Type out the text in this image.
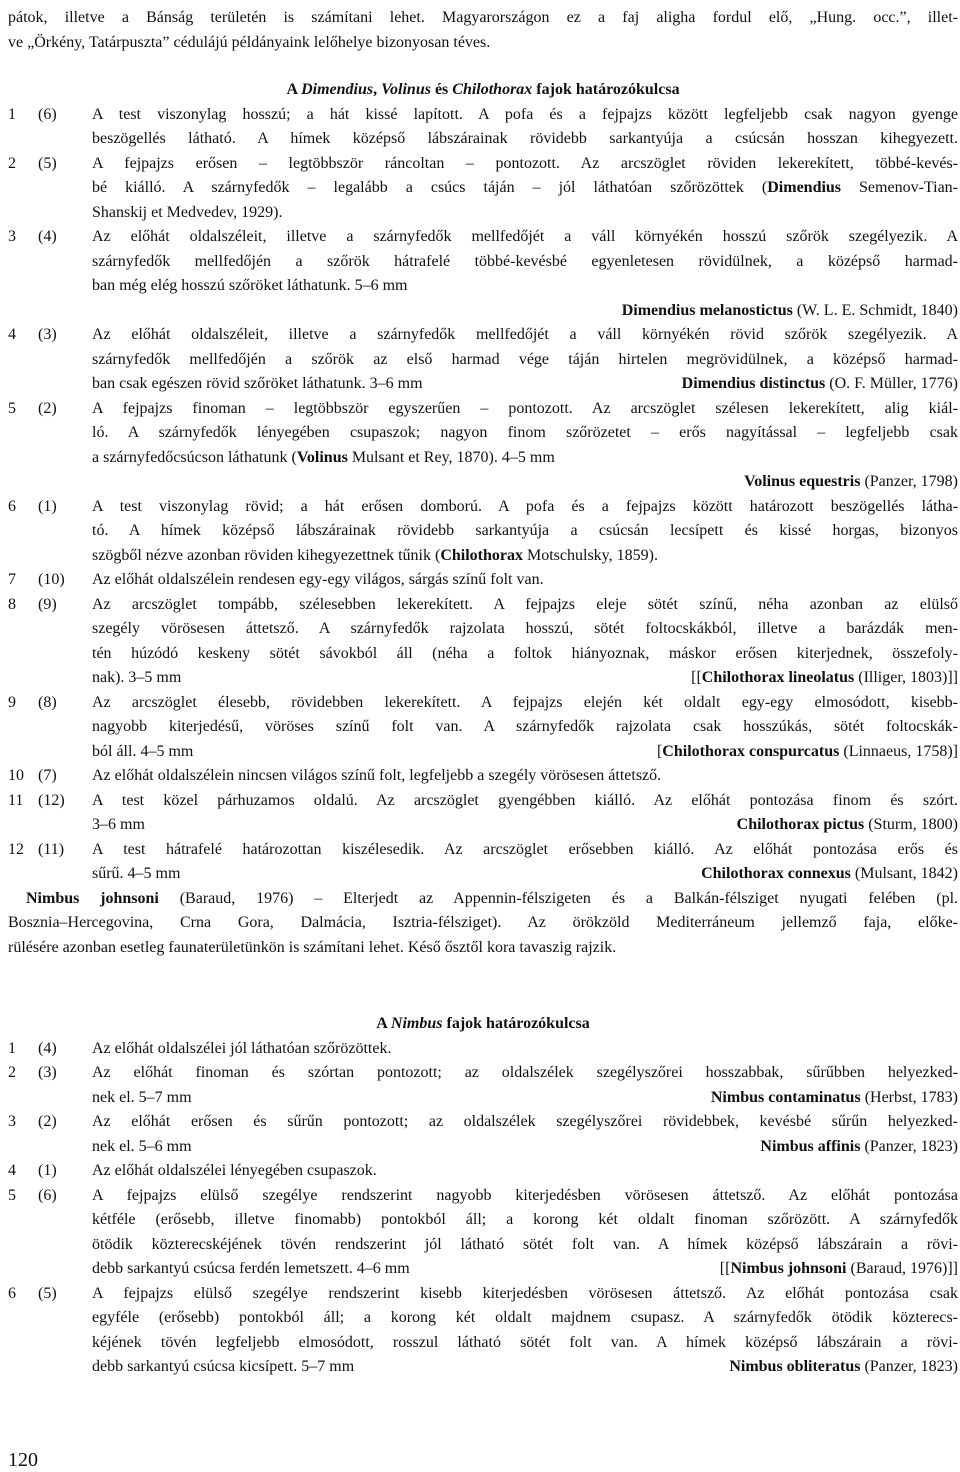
pátok, illetve a Bánság területén is számítani lehet. Magyarországon ez a faj aligha fordul elő, „Hung. occ.”, illet-
ve „Örkény, Tatárpuszta” cédulájú példányaink lelőhelye bizonyosan téves.
A Dimendius, Volinus és Chilothorax fajok határozókulcsa
1	(6)	A test viszonylag hosszú; a hát kissé lapított. A pofa és a fejpajzs között legfeljebb csak nagyon gyenge
beszögellés látható. A hímek középső lábszárainak rövidebb sarkantyúja a csúcsán hosszan kihegyezett.
2	(5)	A fejpajzs erősen – legtöbbször ráncoltan – pontozott. Az arcszöglet röviden lekerekített, többé-kevés-
bé kiálló. A szárnyfedők – legalább a csúcs táján – jól láthatóan szőrözöttek (Dimendius Semenov-Tian-
Shanskij et Medvedev, 1929).
3	(4)	Az előhát oldalszéleit, illetve a szárnyfedők mellfedőjét a váll környékén hosszú szőrök szegélyezik. A
szárnyfedők mellfedőjén a szőrök hátrafelé többé-kevésbé egyenletesen rövidülnek, a középső harmad-
ban még elég hosszú szőröket láthatunk. 5–6 mm
Dimendius melanostictus (W. L. E. Schmidt, 1840)
4	(3)	Az előhát oldalszéleit, illetve a szárnyfedők mellfedőjét a váll környékén rövid szőrök szegélyezik. A
szárnyfedők mellfedőjén a szőrök az első harmad vége táján hirtelen megrövidülnek, a középső harmad-
ban csak egészen rövid szőröket láthatunk. 3–6 mm	Dimendius distinctus (O. F. Müller, 1776)
5	(2)	A fejpajzs finoman – legtöbbször egyszerűen – pontozott. Az arcszöglet szélesen lekerekített, alig kiál-
ló. A szárnyfedők lényegében csupaszok; nagyon finom szőrözetet – erős nagyítással – legfeljebb csak
a szárnyfedőcsúcson láthatunk (Volinus Mulsant et Rey, 1870). 4–5 mm
Volinus equestris (Panzer, 1798)
6	(1)	A test viszonylag rövid; a hát erősen domború. A pofa és a fejpajzs között határozott beszögellés látha-
tó. A hímek középső lábszárainak rövidebb sarkantyúja a csúcsán lecsípett és kissé horgas, bizonyos
szögből nézve azonban röviden kihegyezettnek tűnik (Chilothorax Motschulsky, 1859).
7	(10)	Az előhát oldalszélein rendesen egy-egy világos, sárgás színű folt van.
8	(9)	Az arcszöglet tompább, szélesebben lekerekített. A fejpajzs eleje sötét színű, néha azonban az elülső
szegély vörösesen áttetsző. A szárnyfedők rajzolata hosszú, sötét foltocskákból, illetve a barázdák men-
tén húzódó keskeny sötét sávokból áll (néha a foltok hiányoznak, máskor erősen kiterjednek, összefoly-
nak). 3–5 mm	[[Chilothorax lineolatus (Illiger, 1803)]]
9	(8)	Az arcszöglet élesebb, rövidebben lekerekített. A fejpajzs elején két oldalt egy-egy elmosódott, kisebb-
nagyobb kiterjedésű, vöröses színű folt van. A szárnyfedők rajzolata csak hosszúkás, sötét foltocskák-
ból áll. 4–5 mm	[Chilothorax conspurcatus (Linnaeus, 1758)]
10 (7)	Az előhát oldalszélein nincsen világos színű folt, legfeljebb a szegély vörösesen áttetsző.
11 (12)	A test közel párhuzamos oldalú. Az arcszöglet gyengébben kiálló. Az előhát pontozása finom és szórt.
3–6 mm	Chilothorax pictus (Sturm, 1800)
12 (11)	A test hátrafelé határozottan kiszélesedik. Az arcszöglet erősebben kiálló. Az előhát pontozása erős és
sűrű. 4–5 mm	Chilothorax connexus (Mulsant, 1842)
Nimbus johnsoni (Baraud, 1976) – Elterjedt az Appennin-félszigeten és a Balkán-félsziget nyugati felében (pl.
Bosznia–Hercegovina, Crna Gora, Dalmácia, Isztria-félsziget). Az örökzöld Mediterráneum jellemző faja, előke-
rülésére azonban esetleg faunaterületünkön is számítani lehet. Késő ősztől kora tavaszig rajzik.
A Nimbus fajok határozókulcsa
1	(4)	Az előhát oldalszélei jól láthatóan szőrözöttek.
2	(3)	Az előhát finoman és szórtan pontozott; az oldalszélek szegélyszőrei hosszabbak, sűrűbben helyezked-
nek el. 5–7 mm	Nimbus contaminatus (Herbst, 1783)
3	(2)	Az előhát erősen és sűrűn pontozott; az oldalszélek szegélyszőrei rövidebbek, kevésbé sűrűn helyezked-
nek el. 5–6 mm	Nimbus affinis (Panzer, 1823)
4	(1)	Az előhát oldalszélei lényegében csupaszok.
5	(6)	A fejpajzs elülső szegélye rendszerint nagyobb kiterjedésben vörösesen áttetsző. Az előhát pontozása
kétféle (erősebb, illetve finomabb) pontokból áll; a korong két oldalt finoman szőrözött. A szárnyfedők
ötödik közterecskéjének tövén rendszerint jól látható sötét folt van. A hímek középső lábszárain a rövi-
debb sarkantyú csúcsa ferdén lemetszett. 4–6 mm	[[Nimbus johnsoni (Baraud, 1976)]]
6	(5)	A fejpajzs elülső szegélye rendszerint kisebb kiterjedésben vörösesen áttetsző. Az előhát pontozása csak
egyféle (erősebb) pontokból áll; a korong két oldalt majdnem csupasz. A szárnyfedők ötödik közterecs-
kéjének tövén legfeljebb elmosódott, rosszul látható sötét folt van. A hímek középső lábszárain a rövi-
debb sarkantyú csúcsa kicsípett. 5–7 mm	Nimbus obliteratus (Panzer, 1823)
120
